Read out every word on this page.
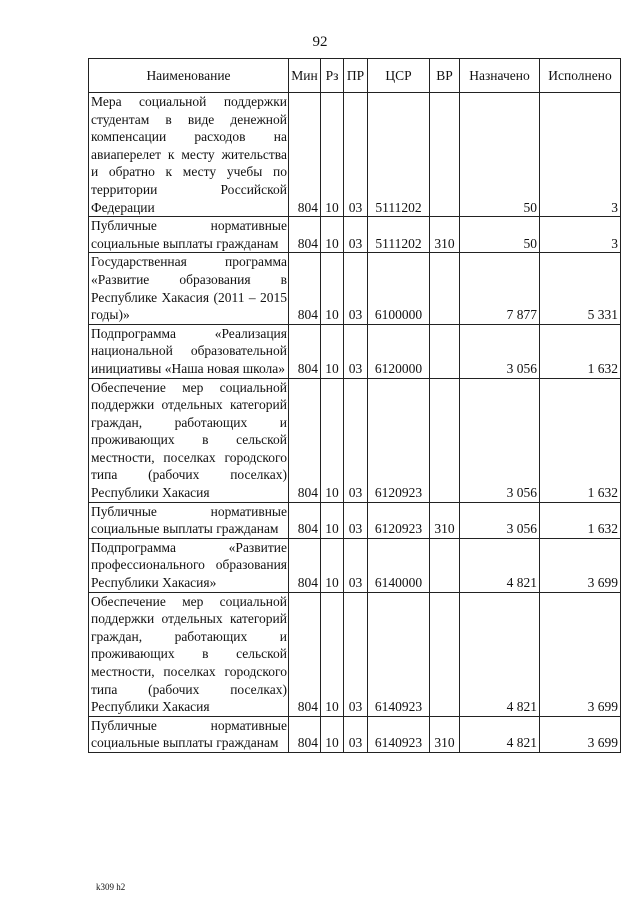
92
Наименование	Мин	Рз	ПР	ЦСР	ВР	Назначено	Исполнено
Мера социальной поддержки студентам в виде денежной компенсации расходов на авиаперелет к месту жительства и обратно к месту учебы по территории Российской Федерации	804	10	03	5111202		50	3
Публичные нормативные социальные выплаты гражданам	804	10	03	5111202	310	50	3
Государственная программа «Развитие образования в Республике Хакасия (2011 – 2015 годы)»	804	10	03	6100000		7 877	5 331
Подпрограмма «Реализация национальной образовательной инициативы «Наша новая школа»	804	10	03	6120000		3 056	1 632
Обеспечение мер социальной поддержки отдельных категорий граждан, работающих и проживающих в сельской местности, поселках городского типа (рабочих поселках) Республики Хакасия	804	10	03	6120923		3 056	1 632
Публичные нормативные социальные выплаты гражданам	804	10	03	6120923	310	3 056	1 632
Подпрограмма «Развитие профессионального образования Республики Хакасия»	804	10	03	6140000		4 821	3 699
Обеспечение мер социальной поддержки отдельных категорий граждан, работающих и проживающих в сельской местности, поселках городского типа (рабочих поселках) Республики Хакасия	804	10	03	6140923		4 821	3 699
Публичные нормативные социальные выплаты гражданам	804	10	03	6140923	310	4 821	3 699
k309 h2
